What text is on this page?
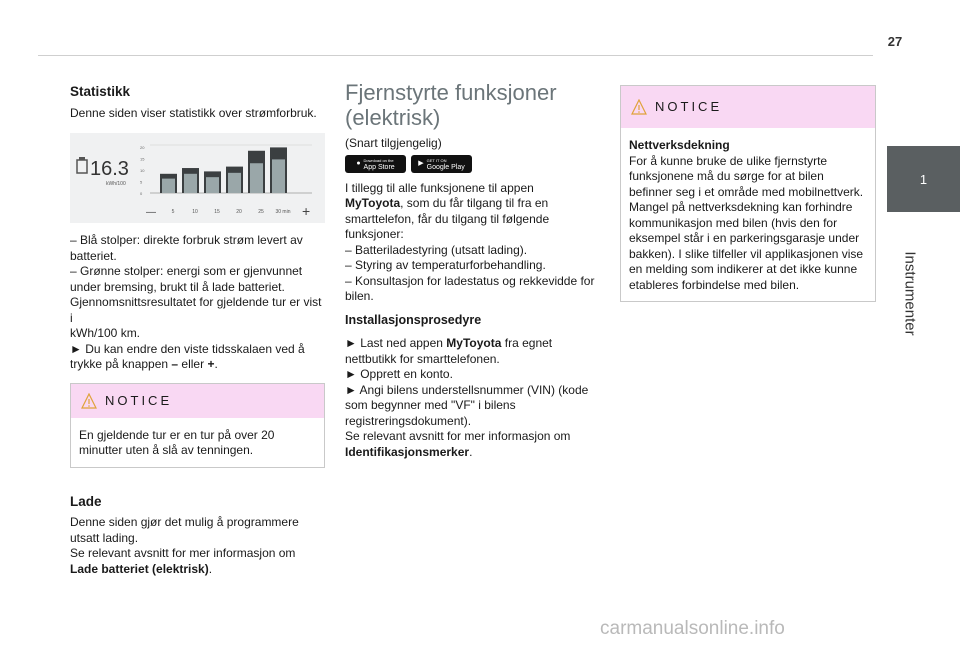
27
1
Instrumenter
Statistikk

Denne siden viser statistikk over strømforbruk.

16.3
kWh/100
20
15
10
5
0
—	5	10	15	20	25 30 min +
– Blå stolper: direkte forbruk strøm levert av
batteriet.
– Grønne stolper: energi som er gjenvunnet
under bremsing, brukt til å lade batteriet.
Gjennomsnittsresultatet for gjeldende tur er vist i
kWh/100 km.

► Du kan endre den viste tidsskalaen ved å
trykke på knappen – eller +.

NOTICE
En gjeldende tur er en tur på over 20 minutter uten å slå av tenningen.
Lade

Denne siden gjør det mulig å programmere utsatt lading.

Se relevant avsnitt for mer informasjon om Lade batteriet (elektrisk).

Fjernstyrte funksjoner
(elektrisk)

(Snart tilgjengelig)

● Download on the
App Store
▶ GET IT ON
Google Play

I tillegg til alle funksjonene til appen MyToyota, som du får tilgang til fra en smarttelefon, får du tilgang til følgende funksjoner:

– Batteriladestyring (utsatt lading).
– Styring av temperaturforbehandling.
– Konsultasjon for ladestatus og rekkevidde for bilen.
Installasjonsprosedyre

► Last ned appen MyToyota fra egnet nettbutikk for smarttelefonen.

► Opprett en konto.

► Angi bilens understellsnummer (VIN) (kode som begynner med "VF" i bilens registreringsdokument).

Se relevant avsnitt for mer informasjon om Identifikasjonsmerker.

NOTICE
Nettverksdekning
For å kunne bruke de ulike fjernstyrte funksjonene må du sørge for at bilen befinner seg i et område med mobilnettverk. Mangel på nettverksdekning kan forhindre kommunikasjon med bilen (hvis den for eksempel står i en parkeringsgarasje under bakken). I slike tilfeller vil applikasjonen vise en melding som indikerer at det ikke kunne etableres forbindelse med bilen.
carmanualsonline.info
